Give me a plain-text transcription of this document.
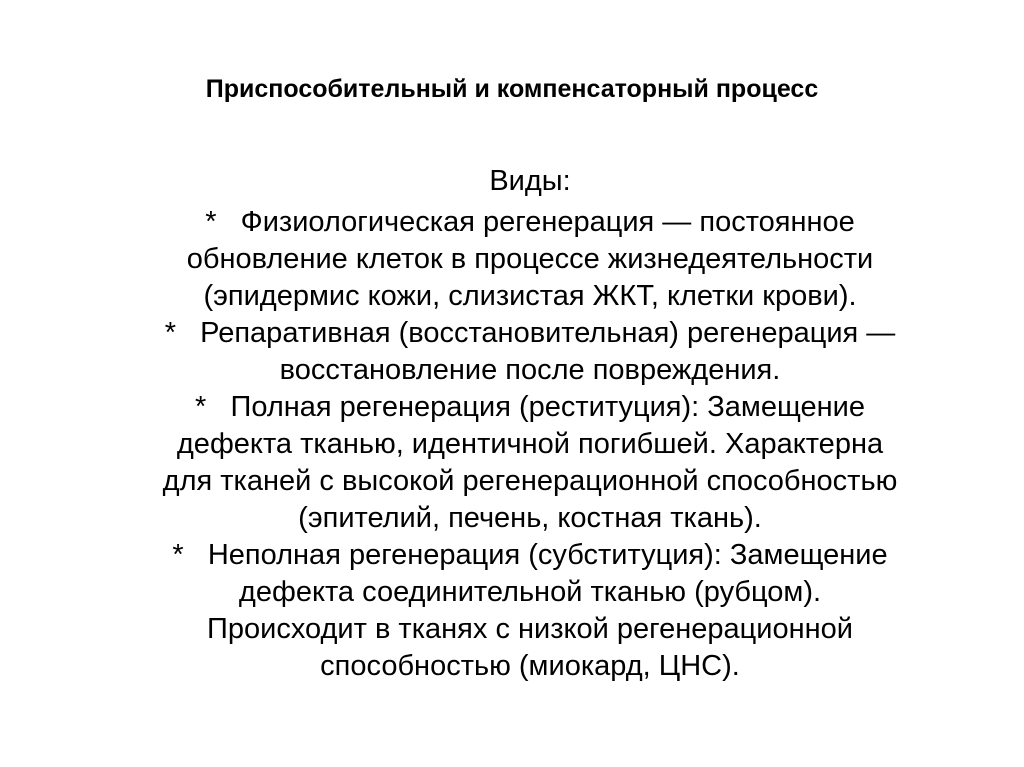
Приспособительный и компенсаторный процесс

Виды:

* Физиологическая регенерация — постоянное
обновление клеток в процессе жизнедеятельности
(эпидермис кожи, слизистая ЖКТ, клетки крови).

* Репаративная (восстановительная) регенерация —
восстановление после повреждения.

* Полная регенерация (реституция): Замещение
дефекта тканью, идентичной погибшей. Характерна
для тканей с высокой регенерационной способностью
(эпителий, печень, костная ткань).

* Неполная регенерация (субституция): Замещение
дефекта соединительной тканью (рубцом).
Происходит в тканях с низкой регенерационной
способностью (миокард, ЦНС).
